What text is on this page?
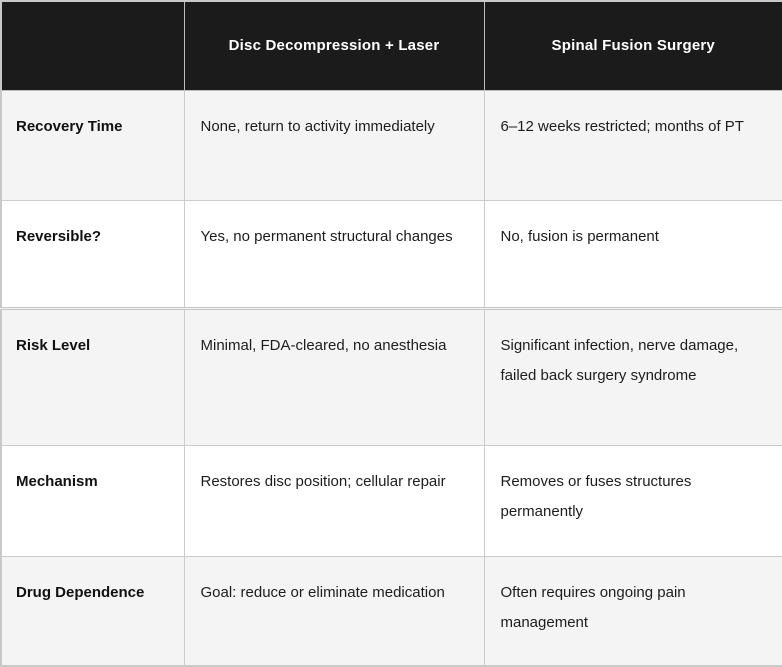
	Disc Decompression + Laser	Spinal Fusion Surgery
Recovery Time	None, return to activity immediately	6–12 weeks restricted; months of PT
Reversible?	Yes, no permanent structural changes	No, fusion is permanent
Risk Level	Minimal, FDA-cleared, no anesthesia	Significant infection, nerve damage, failed back surgery syndrome
Mechanism	Restores disc position; cellular repair	Removes or fuses structures permanently
Drug Dependence	Goal: reduce or eliminate medication	Often requires ongoing pain management
